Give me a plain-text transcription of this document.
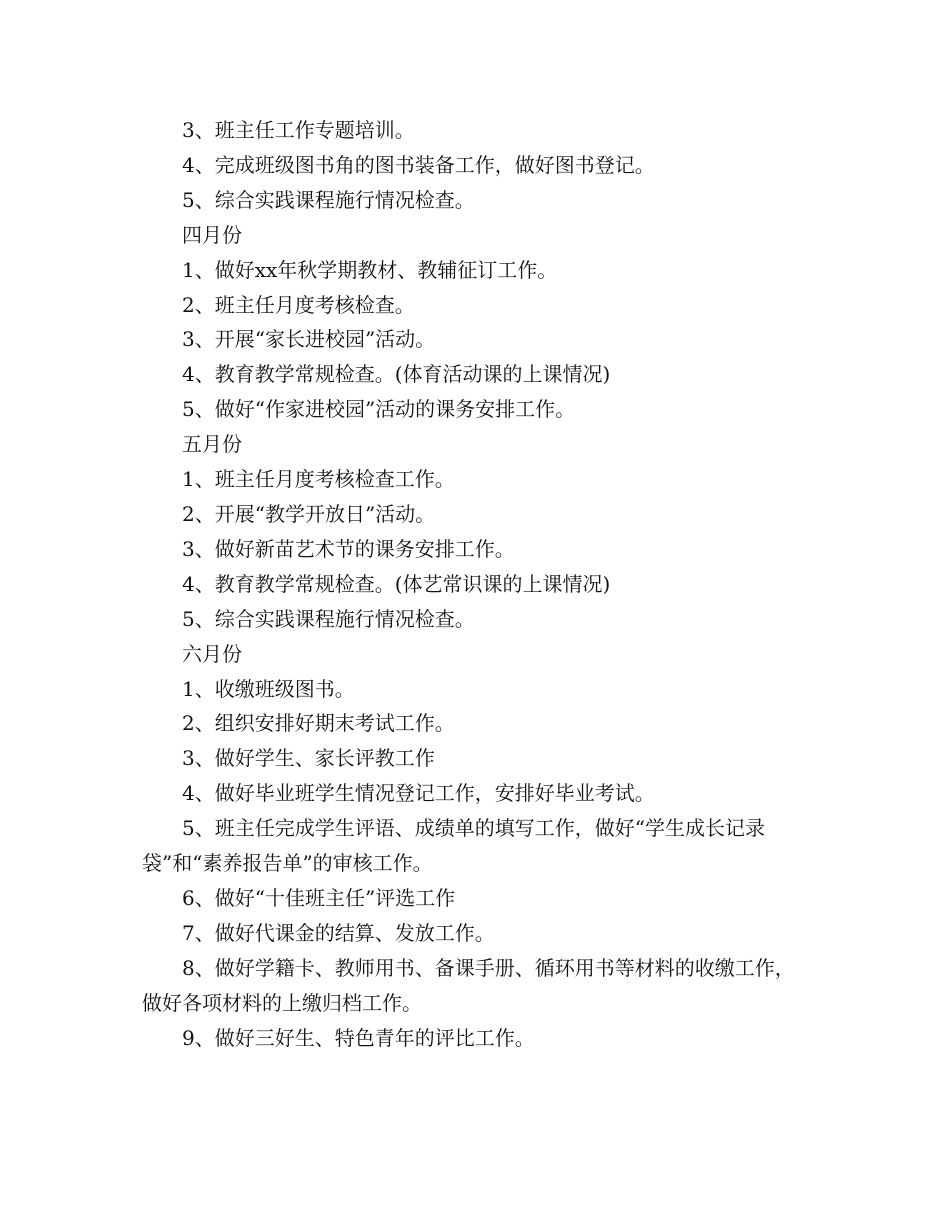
3、班主任工作专题培训。

4、完成班级图书角的图书装备工作，做好图书登记。

5、综合实践课程施行情况检查。

四月份

1、做好xx年秋学期教材、教辅征订工作。

2、班主任月度考核检查。

3、开展“家长进校园”活动。

4、教育教学常规检查。(体育活动课的上课情况)

5、做好“作家进校园”活动的课务安排工作。

五月份

1、班主任月度考核检查工作。

2、开展“教学开放日”活动。

3、做好新苗艺术节的课务安排工作。

4、教育教学常规检查。(体艺常识课的上课情况)

5、综合实践课程施行情况检查。

六月份

1、收缴班级图书。

2、组织安排好期末考试工作。

3、做好学生、家长评教工作

4、做好毕业班学生情况登记工作，安排好毕业考试。

5、班主任完成学生评语、成绩单的填写工作，做好“学生成长记录袋”和“素养报告单”的审核工作。

6、做好“十佳班主任”评选工作

7、做好代课金的结算、发放工作。

8、做好学籍卡、教师用书、备课手册、循环用书等材料的收缴工作，做好各项材料的上缴归档工作。

9、做好三好生、特色青年的评比工作。
